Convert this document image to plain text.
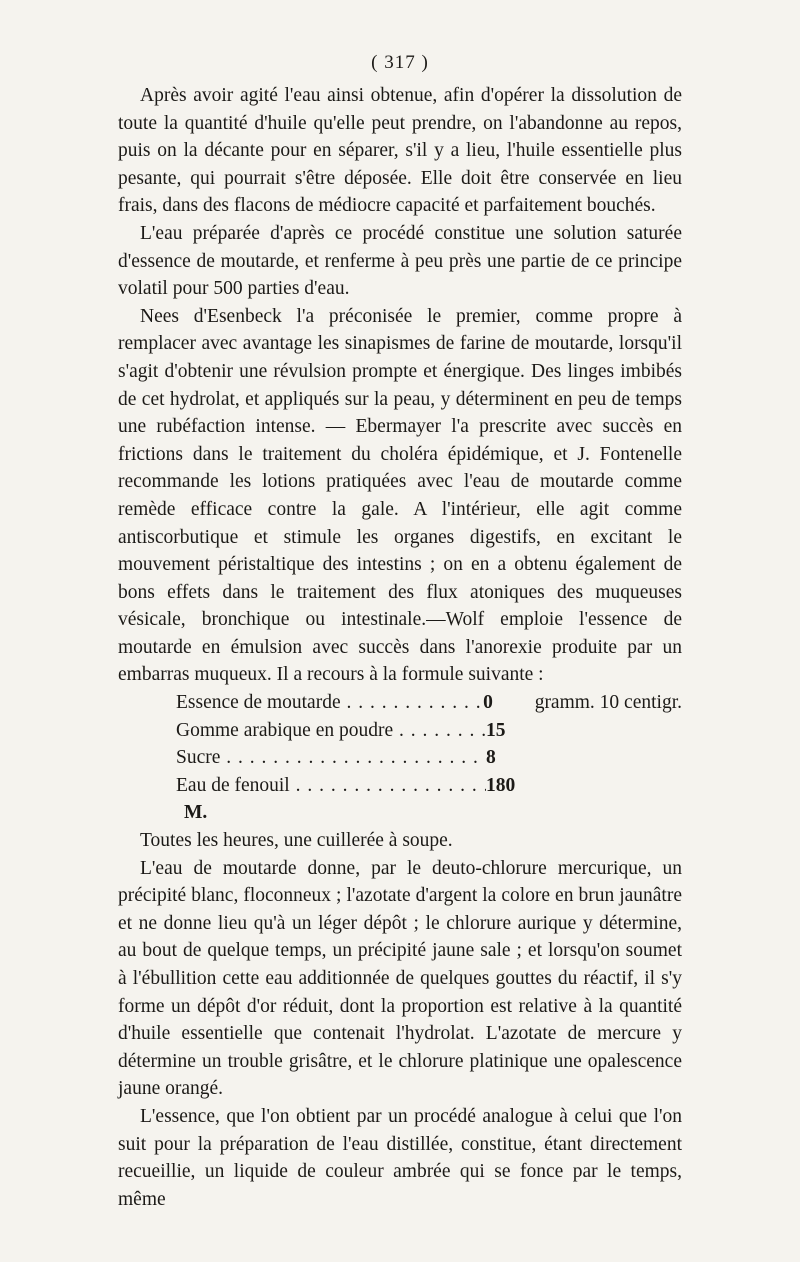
( 317 )

Après avoir agité l'eau ainsi obtenue, afin d'opérer la dissolution de toute la quantité d'huile qu'elle peut prendre, on l'abandonne au repos, puis on la décante pour en séparer, s'il y a lieu, l'huile essentielle plus pesante, qui pourrait s'être déposée. Elle doit être conservée en lieu frais, dans des flacons de médiocre capacité et parfaitement bouchés.

L'eau préparée d'après ce procédé constitue une solution saturée d'essence de moutarde, et renferme à peu près une partie de ce principe volatil pour 500 parties d'eau.

Nees d'Esenbeck l'a préconisée le premier, comme propre à remplacer avec avantage les sinapismes de farine de moutarde, lorsqu'il s'agit d'obtenir une révulsion prompte et énergique. Des linges imbibés de cet hydrolat, et appliqués sur la peau, y déterminent en peu de temps une rubéfaction intense. — Ebermayer l'a prescrite avec succès en frictions dans le traitement du choléra épidémique, et J. Fontenelle recommande les lotions pratiquées avec l'eau de moutarde comme remède efficace contre la gale. A l'intérieur, elle agit comme antiscorbutique et stimule les organes digestifs, en excitant le mouvement péristaltique des intestins ; on en a obtenu également de bons effets dans le traitement des flux atoniques des muqueuses vésicale, bronchique ou intestinale.—Wolf emploie l'essence de moutarde en émulsion avec succès dans l'anorexie produite par un embarras muqueux. Il a recours à la formule suivante :

Essence de moutarde . . .	0	gramm. 10 centigr.
Gomme arabique en poudre . . .	15
Sucre . . .	8
Eau de fenouil . . .	180
M.

Toutes les heures, une cuillerée à soupe.

L'eau de moutarde donne, par le deuto-chlorure mercurique, un précipité blanc, floconneux ; l'azotate d'argent la colore en brun jaunâtre et ne donne lieu qu'à un léger dépôt ; le chlorure aurique y détermine, au bout de quelque temps, un précipité jaune sale ; et lorsqu'on soumet à l'ébullition cette eau additionnée de quelques gouttes du réactif, il s'y forme un dépôt d'or réduit, dont la proportion est relative à la quantité d'huile essentielle que contenait l'hydrolat. L'azotate de mercure y détermine un trouble grisâtre, et le chlorure platinique une opalescence jaune orangé.

L'essence, que l'on obtient par un procédé analogue à celui que l'on suit pour la préparation de l'eau distillée, constitue, étant directement recueillie, un liquide de couleur ambrée qui se fonce par le temps, même
